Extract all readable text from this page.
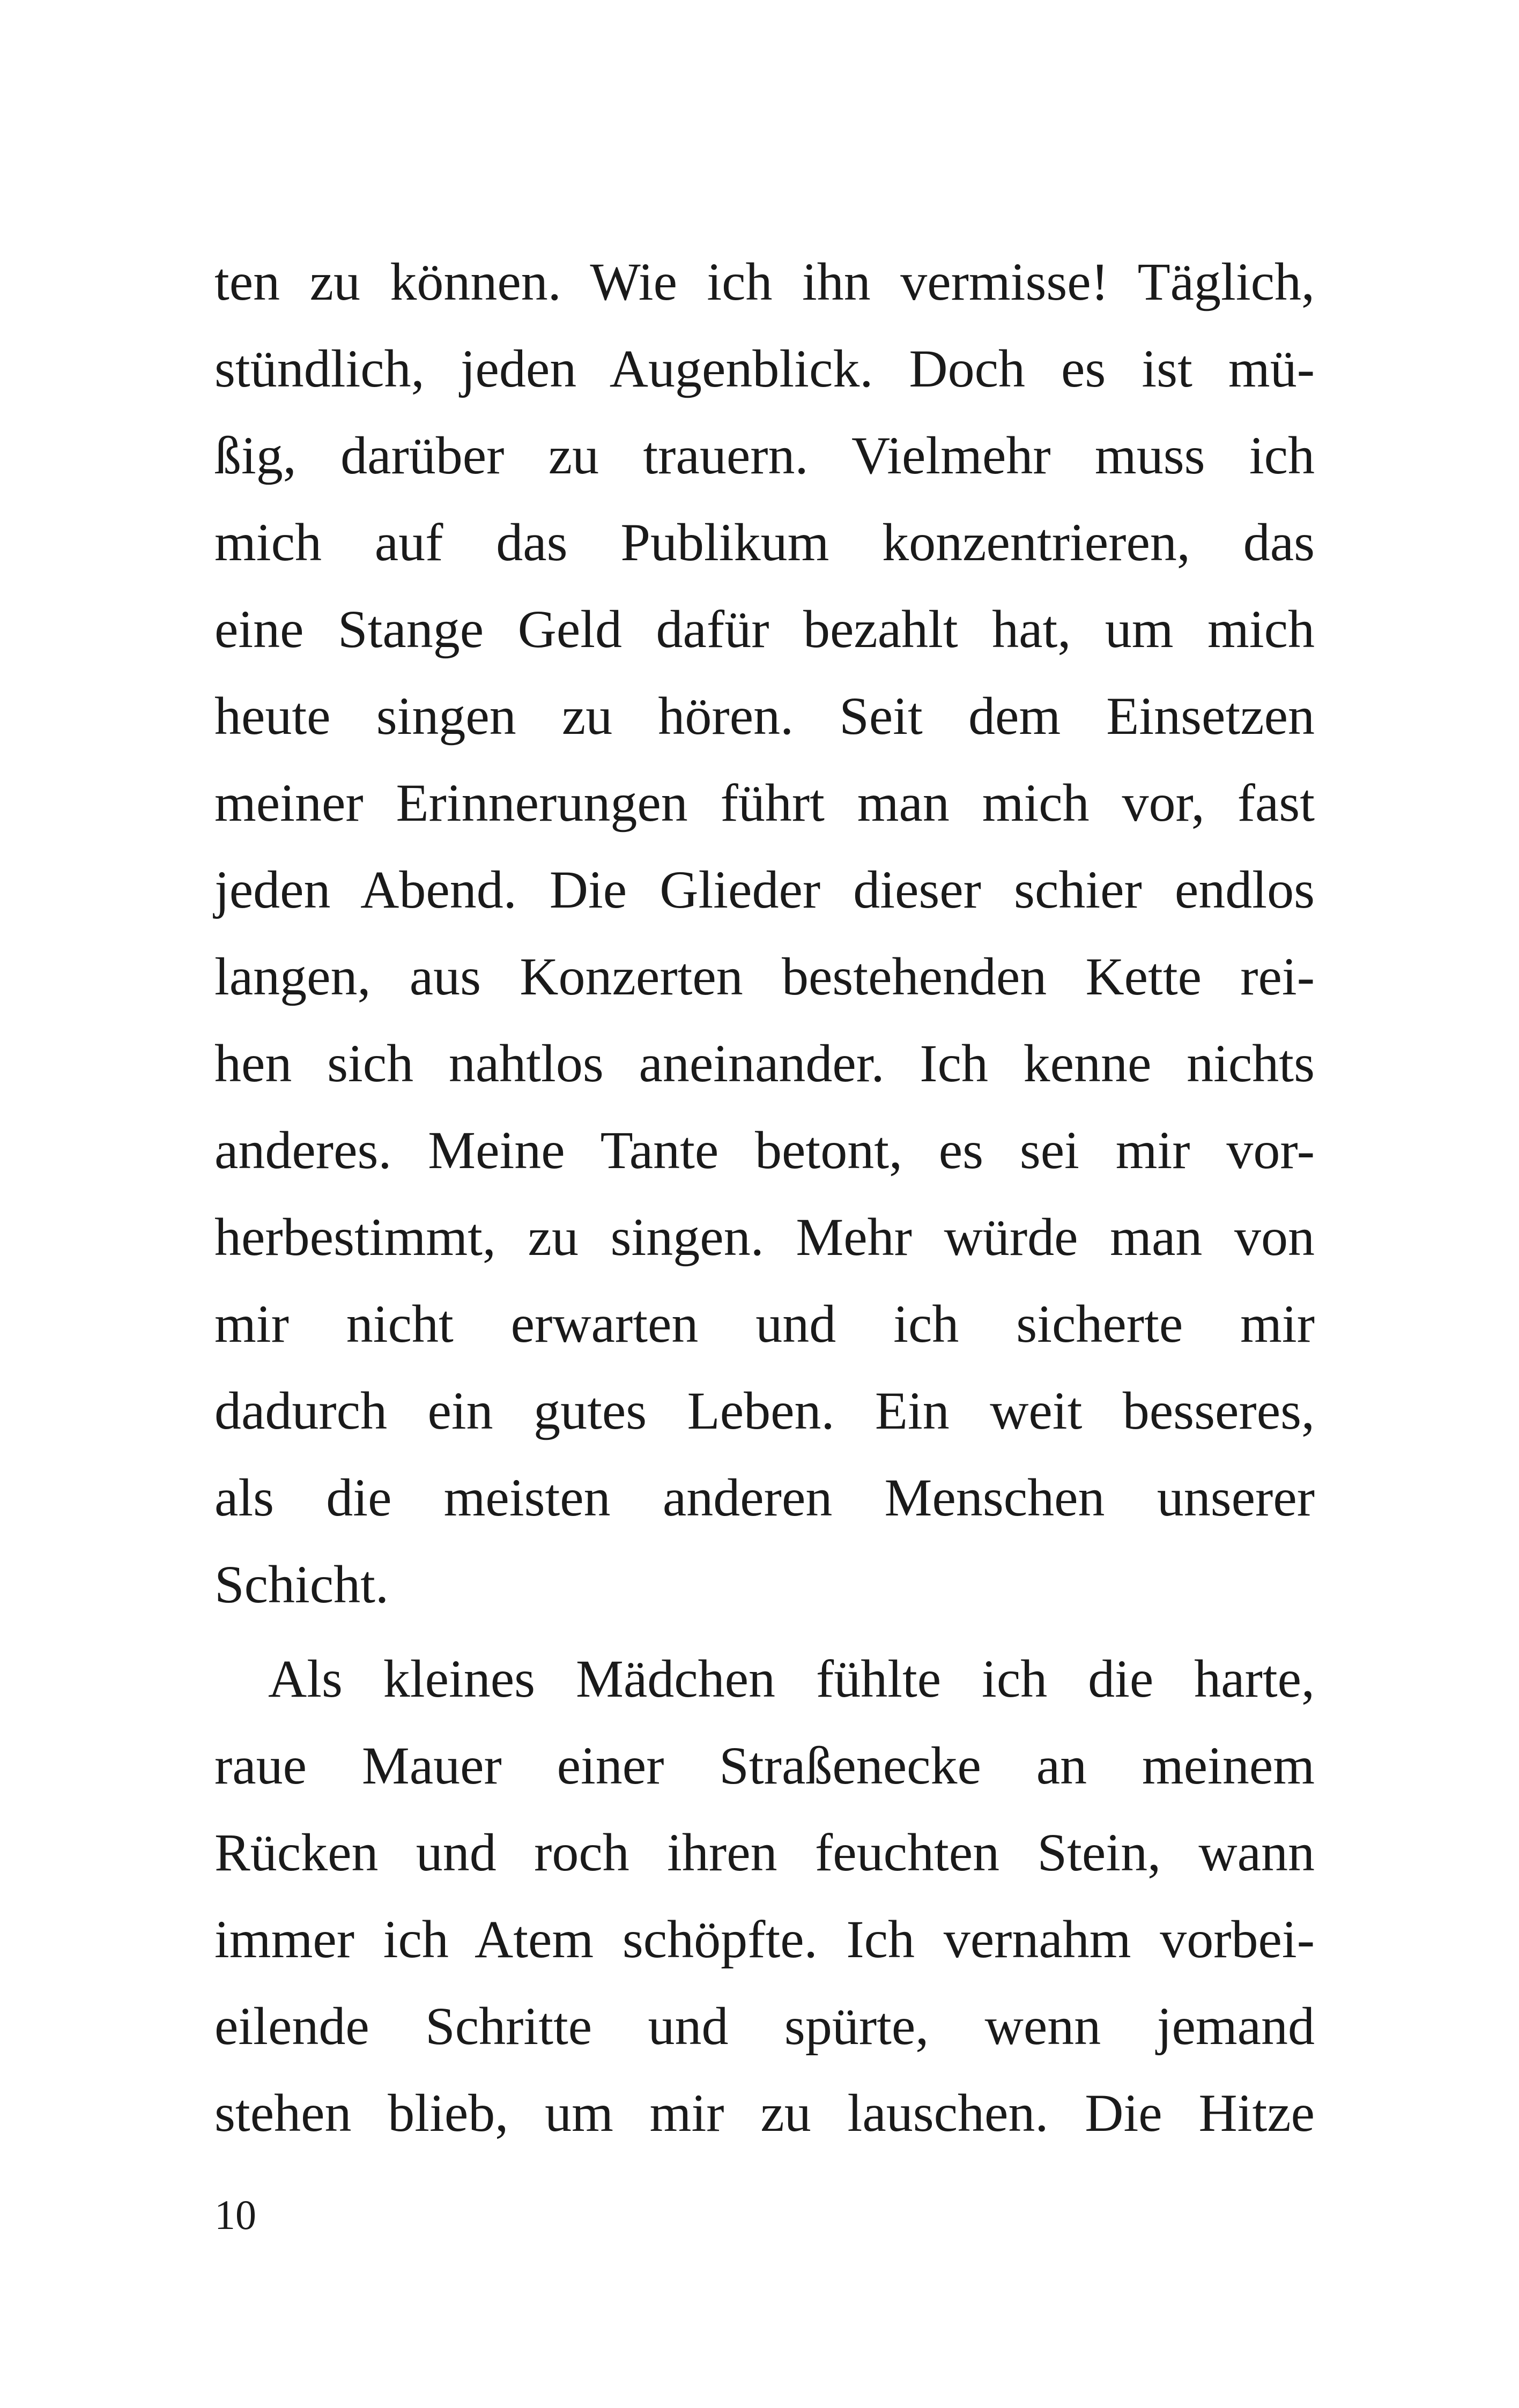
ten zu können. Wie ich ihn vermisse! Täglich,
stündlich, jeden Augenblick. Doch es ist mü-
ßig, darüber zu trauern. Vielmehr muss ich
mich auf das Publikum konzentrieren, das
eine Stange Geld dafür bezahlt hat, um mich
heute singen zu hören. Seit dem Einsetzen
meiner Erinnerungen führt man mich vor, fast
jeden Abend. Die Glieder dieser schier endlos
langen, aus Konzerten bestehenden Kette rei-
hen sich nahtlos aneinander. Ich kenne nichts
anderes. Meine Tante betont, es sei mir vor-
herbestimmt, zu singen. Mehr würde man von
mir nicht erwarten und ich sicherte mir
dadurch ein gutes Leben. Ein weit besseres,
als die meisten anderen Menschen unserer
Schicht.
Als kleines Mädchen fühlte ich die harte,
raue Mauer einer Straßenecke an meinem
Rücken und roch ihren feuchten Stein, wann
immer ich Atem schöpfte. Ich vernahm vorbei-
eilende Schritte und spürte, wenn jemand
stehen blieb, um mir zu lauschen. Die Hitze
10
